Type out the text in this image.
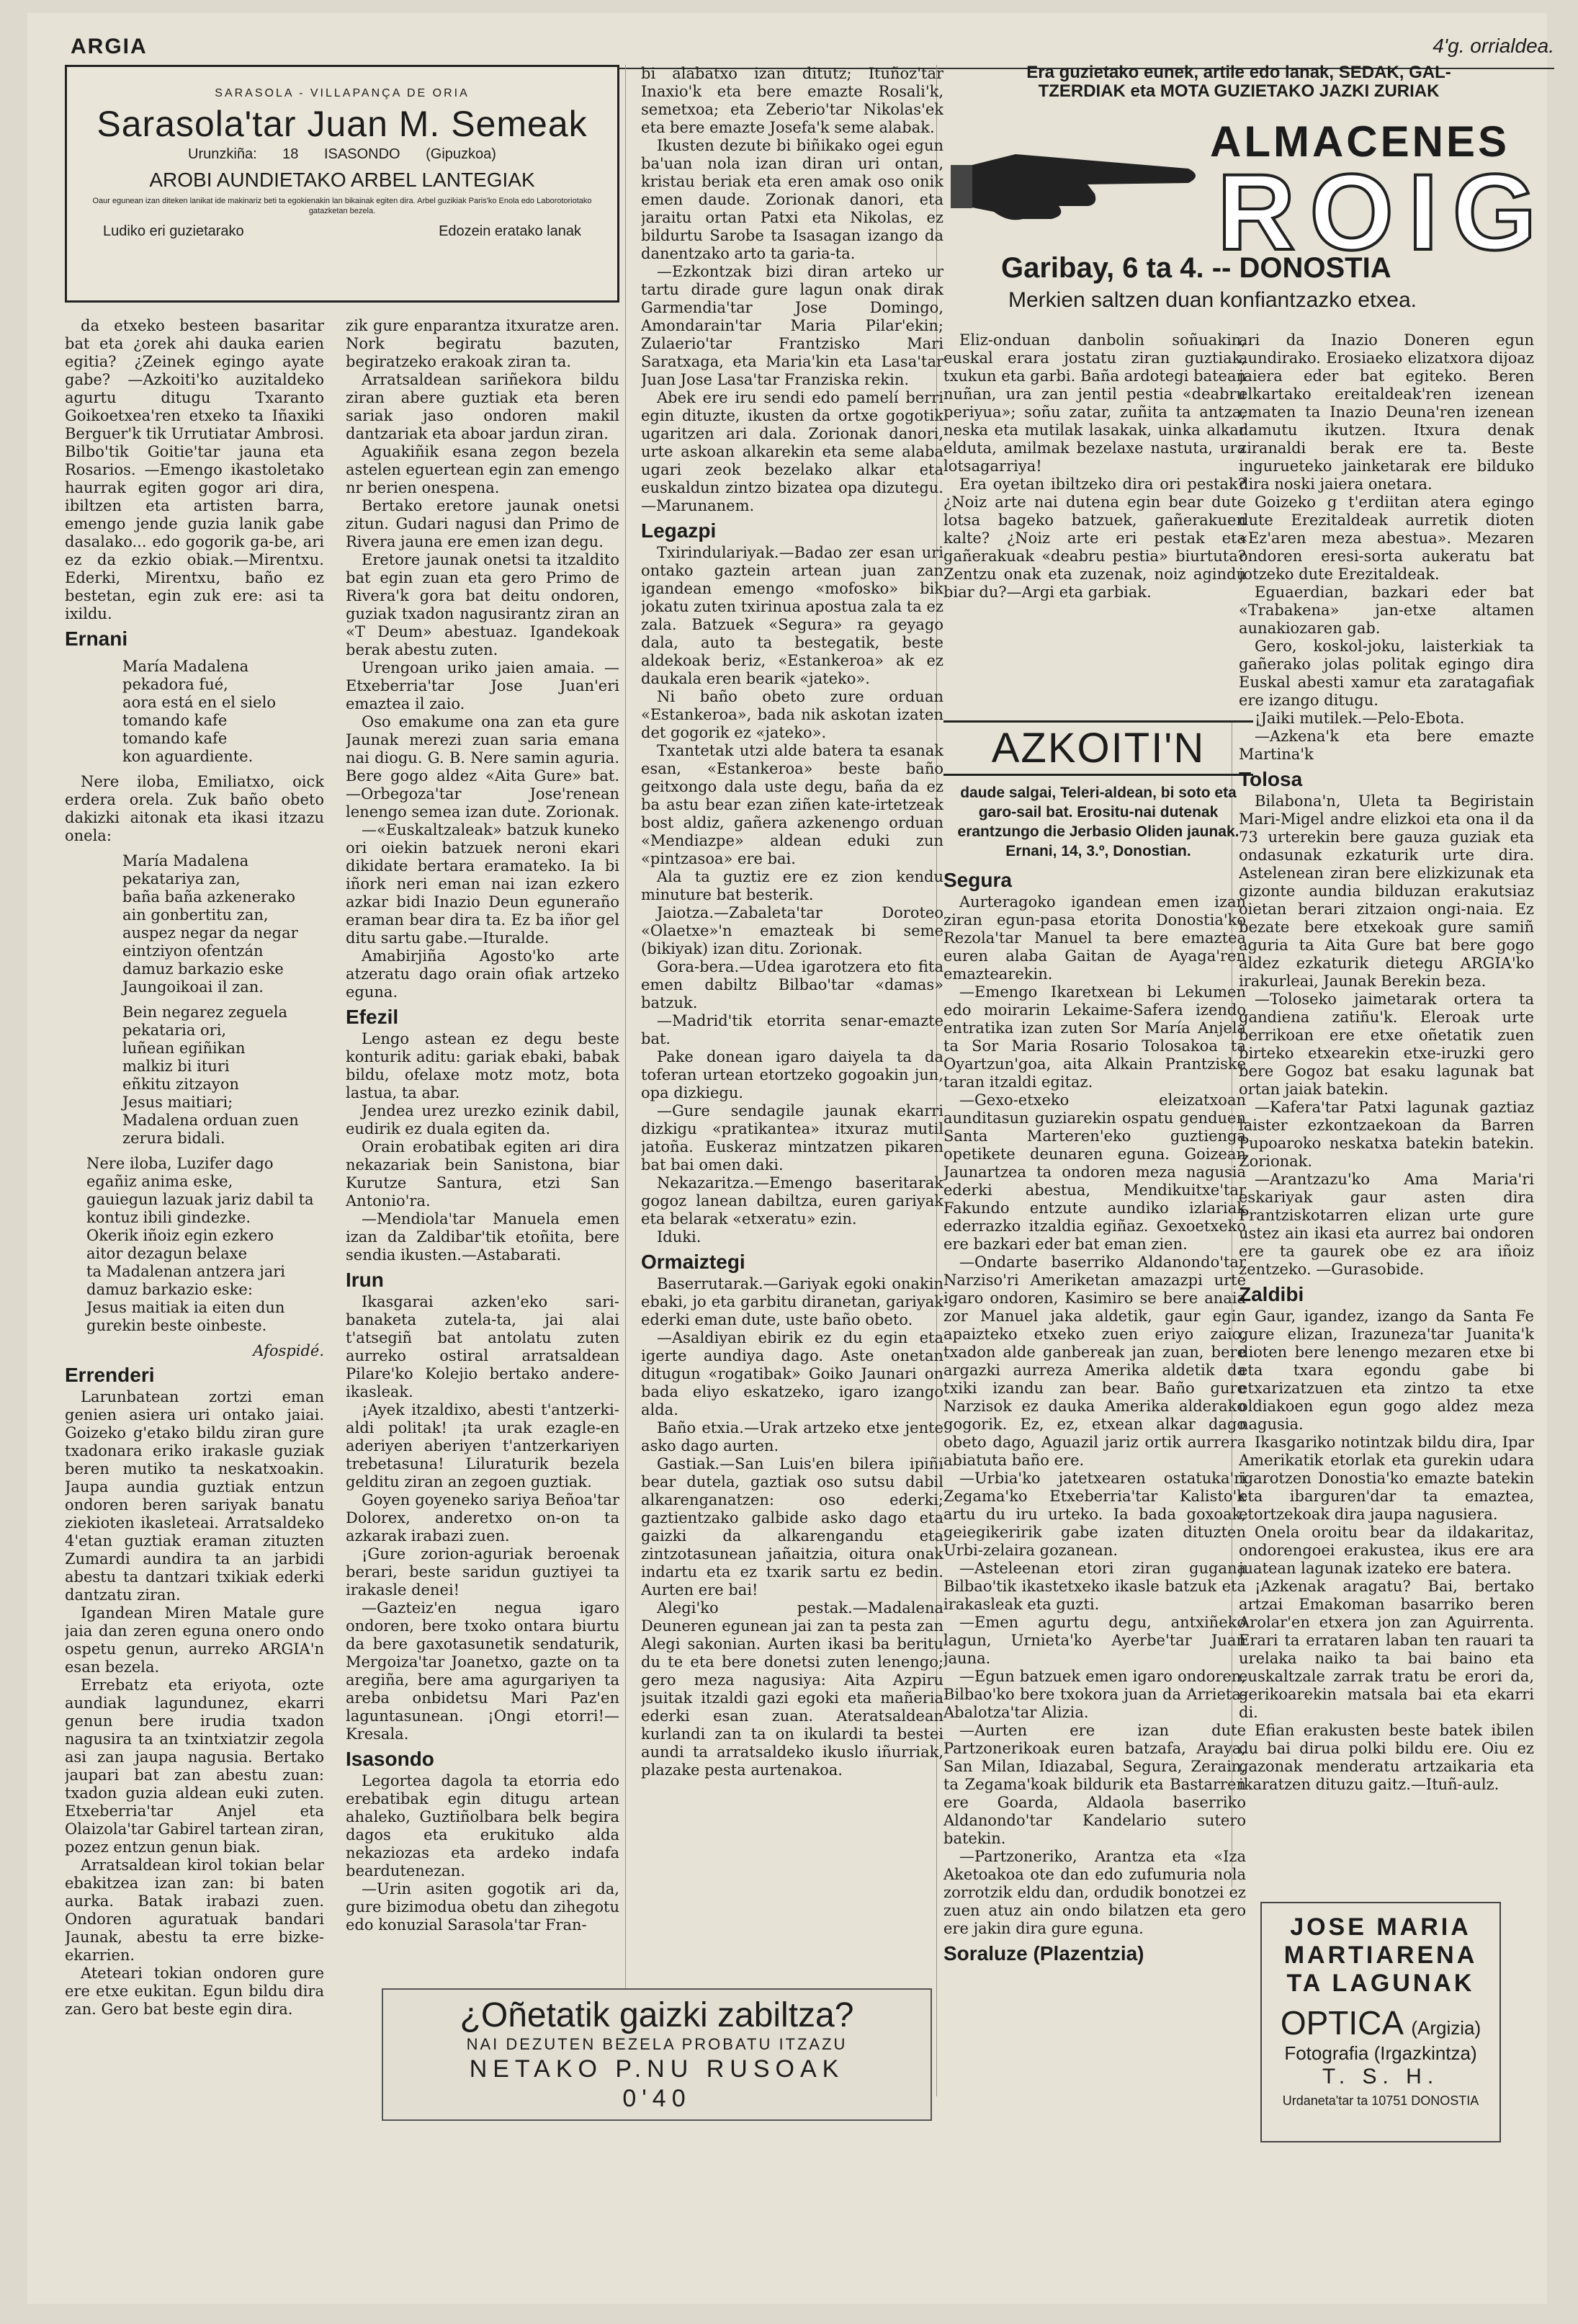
ARGIA	4'g. orrialdea.
SARASOLA - VILLAPANÇA DE ORIA
Sarasola'tar Juan M. Semeak
Urunzkiña: 18 ISASONDO (Gipuzkoa)
AROBI AUNDIETAKO ARBEL LANTEGIAK
Oaur egunean izan diteken lanikat ide makinariz beti ta egokienakin lan bikainak egiten dira. Arbel guzikiak Paris'ko Enola edo Laborotoriotako gatazketan bezela.
Ludiko eri guzietarako	Edozein eratako lanak

da etxeko besteen basaritar bat eta ¿orek ahi dauka earien egitia? ¿Zeinek egingo ayate gabe? —Azkoiti'ko auzitaldeko agurtu ditugu Txaranto Goikoetxea'ren etxeko ta Iñaxiki Berguer'k tik Urrutiatar Ambrosi. Bilbo'tik Goitie'tar jauna eta Rosarios. —Emengo ikastoletako haurrak egiten gogor ari dira, ibiltzen eta artisten barra, emengo jende guzia lanik gabe dasalako... edo gogorik ga-be, ari ez da ezkio obiak.—Mirentxu. Ederki, Mirentxu, baño ez bestetan, egin zuk ere: asi ta ixildu.

Ernani
María Madalena
pekadora fué,
aora está en el sielo
tomando kafe
tomando kafe
kon aguardiente.

Nere iloba, Emiliatxo, oick erdera orela. Zuk baño obeto dakizki aitonak eta ikasi itzazu onela:

María Madalena
pekatariya zan,
baña baña azkenerako
ain gonbertitu zan,
auspez negar da negar
eintziyon ofentzán
damuz barkazio eske
Jaungoikoai il zan.
Bein negarez zeguela
pekataria ori,
luñean egiñikan
malkiz bi ituri
eñkitu zitzayon
Jesus maitiari;
Madalena orduan zuen
zerura bidali.
Nere iloba, Luzifer dago
egañiz anima eske,
gauiegun lazuak jariz dabil ta
kontuz ibili gindezke.
Okerik iñoiz egin ezkero
aitor dezagun belaxe
ta Madalenan antzera jari
damuz barkazio eske:
Jesus maitiak ia eiten dun
gurekin beste oinbeste.
Afospidé.
Errenderi

Larunbatean zortzi eman genien asiera uri ontako jaiai. Goizeko g'etako bildu ziran gure txadonara eriko irakasle guziak beren mutiko ta neskatxoakin. Jaupa aundia guztiak entzun ondoren beren sariyak banatu ziekioten ikasleteai. Arratsaldeko 4'etan guztiak eraman zituzten Zumardi aundira ta an jarbidi abestu ta dantzari txikiak ederki dantzatu ziran.

Igandean Miren Matale gure jaia dan zeren eguna onero ondo ospetu genun, aurreko ARGIA'n esan bezela.

Errebatz eta eriyota, ozte aundiak lagundunez, ekarri genun bere irudia txadon nagusira ta an txintxiatzir zegola asi zan jaupa nagusia. Bertako jaupari bat zan abestu zuan: txadon guzia aldean euki zuten. Etxeberria'tar Anjel eta Olaizola'tar Gabirel tartean ziran, pozez entzun genun biak.

Arratsaldean kirol tokian belar ebakitzea izan zan: bi baten aurka. Batak irabazi zuen. Ondoren aguratuak bandari Jaunak, abestu ta erre bizke-ekarrien.

Ateteari tokian ondoren gure ere etxe eukitan. Egun bildu dira zan. Gero bat beste egin dira.

zik gure enparantza itxuratze aren. Nork begiratu bazuten, begiratzeko erakoak ziran ta.

Arratsaldean sariñekora bildu ziran abere guztiak eta beren sariak jaso ondoren makil dantzariak eta aboar jardun ziran.

Aguakiñik esana zegon bezela astelen eguertean egin zan emengo nr berien onespena.

Bertako eretore jaunak onetsi zitun. Gudari nagusi dan Primo de Rivera jauna ere emen izan degu.

Eretore jaunak onetsi ta itzaldito bat egin zuan eta gero Primo de Rivera'k gora bat deitu ondoren, guziak txadon nagusirantz ziran an «T Deum» abestuaz. Igandekoak berak abestu zuten.

Urengoan uriko jaien amaia. —Etxeberria'tar Jose Juan'eri emaztea il zaio.

Oso emakume ona zan eta gure Jaunak merezi zuan saria emana nai diogu. G. B. Nere samin aguria. Bere gogo aldez «Aita Gure» bat. —Orbegoza'tar Jose'renean lenengo semea izan dute. Zorionak.

—«Euskaltzaleak» batzuk kuneko ori oiekin batzuek neroni ekari dikidate bertara eramateko. Ia bi iñork neri eman nai izan ezkero azkar bidi Inazio Deun eguneraño eraman bear dira ta. Ez ba iñor gel ditu sartu gabe.—Ituralde.

Amabirjiña Agosto'ko arte atzeratu dago orain ofiak artzeko eguna.

Efezil

Lengo astean ez degu beste konturik aditu: gariak ebaki, babak bildu, ofelaxe motz motz, bota lastua, ta abar.

Jendea urez urezko ezinik dabil, eudirik ez duala egiten da.

Orain erobatibak egiten ari dira nekazariak bein Sanistona, biar Kurutze Santura, etzi San Antonio'ra.

—Mendiola'tar Manuela emen izan da Zaldibar'tik etoñita, bere sendia ikusten.—Astabarati.

Irun

Ikasgarai azken'eko sari-banaketa zutela-ta, jai alai t'atsegiñ bat antolatu zuten aurreko ostiral arratsaldean Pilare'ko Kolejio bertako andere-ikasleak.

¡Ayek itzaldixo, abesti t'antzerki-aldi politak! ¡ta urak ezagle-en aderiyen aberiyen t'antzerkariyen trebetasuna! Liluraturik bezela gelditu ziran an zegoen guztiak.

Goyen goyeneko sariya Beñoa'tar Dolorex, anderetxo on-on ta azkarak irabazi zuen.

¡Gure zorion-aguriak beroenak berari, beste saridun guztiyei ta irakasle denei!

—Gazteiz'en negua igaro ondoren, bere txoko ontara biurtu da bere gaxotasunetik sendaturik, Mergoiza'tar Joanetxo, gazte on ta aregiña, bere ama agurgariyen ta areba onbidetsu Mari Paz'en laguntasunean. ¡Ongi etorri!—Kresala.

Isasondo

Legortea dagola ta etorria edo erebatibak egin ditugu artean ahaleko, Guztiñolbara belk begira dagos eta erukituko alda nekaziozas eta ardeko indafa beardutenezan.

—Urin asiten gogotik ari da, gure bizimodua obetu dan zihegotu edo konuzial Sarasola'tar Fran-

bi alabatxo izan ditutz; Ituñoz'tar Inaxio'k eta bere emazte Rosali'k, semetxoa; eta Zeberio'tar Nikolas'ek eta bere emazte Josefa'k seme alabak.

Ikusten dezute bi biñikako ogei egun ba'uan nola izan diran uri ontan, kristau beriak eta eren amak oso onik emen daude. Zorionak danori, eta jaraitu ortan Patxi eta Nikolas, ez bildurtu Sarobe ta Isasagan izango da danentzako arto ta garia-ta.

—Ezkontzak bizi diran arteko ur tartu dirade gure lagun onak dirak Garmendia'tar Jose Domingo, Amondarain'tar Maria Pilar'ekin; Zulaerio'tar Frantzisko Mari Saratxaga, eta Maria'kin eta Lasa'tar Juan Jose Lasa'tar Franziska rekin.

Abek ere iru sendi edo pamelí berri egin dituzte, ikusten da ortxe gogotik ugaritzen ari dala. Zorionak danori, urte askoan alkarekin eta seme alaba ugari zeok bezelako alkar eta euskaldun zintzo bizatea opa dizutegu.—Marunanem.

Legazpi

Txirindulariyak.—Badao zer esan uri ontako gaztein artean juan zan igandean emengo «mofosko» bik jokatu zuten txirinua apostua zala ta ez zala. Batzuek «Segura» ra geyago dala, auto ta bestegatik, beste aldekoak beriz, «Estankeroa» ak ez daukala eren bearik «jateko».

Ni baño obeto zure orduan «Estankeroa», bada nik askotan izaten det gogorik ez «jateko».

Txantetak utzi alde batera ta esanak esan, «Estankeroa» beste baño geitxongo dala uste degu, baña da ez ba astu bear ezan ziñen kate-irtetzeak bost aldiz, gañera azkenengo orduan «Mendiazpe» aldean eduki zun «pintzasoa» ere bai.

Ala ta guztiz ere ez zion kendu minuture bat besterik.

Jaiotza.—Zabaleta'tar Doroteo «Olaetxe»'n emazteak bi seme (bikiyak) izan ditu. Zorionak.

Gora-bera.—Udea igarotzera eto fita emen dabiltz Bilbao'tar «damas» batzuk.

—Madrid'tik etorrita senar-emazte bat.

Pake donean igaro daiyela ta da toferan urtean etortzeko gogoakin jun, opa dizkiegu.

—Gure sendagile jaunak ekarri dizkigu «pratikantea» itxuraz mutil jatoña. Euskeraz mintzatzen pikaren bat bai omen daki.

Nekazaritza.—Emengo baseritarak gogoz lanean dabiltza, euren gariyak eta belarak «etxeratu» ezin.

Iduki.

Ormaiztegi

Baserrutarak.—Gariyak egoki onakin ebaki, jo eta garbitu diranetan, gariyak ederki eman dute, uste baño obeto.

—Asaldiyan ebirik ez du egin eta igerte aundiya dago. Aste onetan ditugun «rogatibak» Goiko Jaunari on bada eliyo eskatzeko, igaro izango alda.

Baño etxia.—Urak artzeko etxe jente asko dago aurten.

Gastiak.—San Luis'en bilera ipiñi bear dutela, gaztiak oso sutsu dabil alkarenganatzen: oso ederki; gaztientzako galbide asko dago eta gaizki da alkarengandu eta zintzotasunean jañaitzia, oitura onak indartu eta ez txarik sartu ez bedin. Aurten ere bai!

Alegi'ko pestak.—Madalena Deuneren egunean jai zan ta pesta zan Alegi sakonian. Aurten ikasi ba beritu du te eta bere donetsi zuten lenengo; gero meza nagusiya: Aita Azpiru jsuitak itzaldi gazi egoki eta mañeria ederki esan zuan. Ateratsaldean kurlandi zan ta on ikulardi ta bestei aundi ta arratsaldeko ikuslo iñurriak, plazake pesta aurtenakoa.

Era guzietako eunek, artile edo lanak, SEDAK, GAL-
TZERDIAK eta MOTA GUZIETAKO JAZKI ZURIAK
ALMACENES
ROIG
Garibay, 6 ta 4. -- DONOSTIA
Merkien saltzen duan konfiantzazko etxea.

Eliz-onduan danbolin soñuakin, euskal erara jostatu ziran guztiak, txukun eta garbi. Baña ardotegi batean nuñan, ura zan jentil pestia «deabru periyua»; soñu zatar, zuñita ta antza, neska eta mutilak lasakak, uinka alkar elduta, amilmak bezelaxe nastuta, ura lotsagarriya!

Era oyetan ibiltzeko dira ori pestak? ¿Noiz arte nai dutena egin bear dute lotsa bageko batzuek, gañerakuen kalte? ¿Noiz arte eri pestak eta gañerakuak «deabru pestia» biurtuta? Zentzu onak eta zuzenak, noiz agindu biar du?—Argi eta garbiak.

AZKOITI'N
daude salgai, Teleri-aldean, bi soto eta garo-sail bat. Erositu-nai dutenak erantzungo die Jerbasio Oliden jaunak. Ernani, 14, 3.º, Donostian.
Segura

Aurteragoko igandean emen izan ziran egun-pasa etorita Donostia'ko Rezola'tar Manuel ta bere emaztea euren alaba Gaitan de Ayaga'ren emaztearekin.

—Emengo Ikaretxean bi Lekumen edo moirarin Lekaime-Safera izendo entratika izan zuten Sor María Anjela ta Sor Maria Rosario Tolosakoa ta Oyartzun'goa, aita Alkain Prantziske taran itzaldi egitaz.

—Gexo-etxeko eleizatxoan aunditasun guziarekin ospatu genduen Santa Marteren'eko guztienga opetikete deunaren eguna. Goizean Jaunartzea ta ondoren meza nagusia ederki abestua, Mendikuitxe'tar Fakundo entzute aundiko izlariak ederrazko itzaldia egiñaz. Gexoetxeko ere bazkari eder bat eman zien.

—Ondarte baserriko Aldanondo'tar Narziso'ri Ameriketan amazazpi urte igaro ondoren, Kasimiro se bere anaia zor Manuel jaka aldetik, gaur egin apaizteko etxeko zuen eriyo zaio, txadon alde ganbereak jan zuan, bere argazki aurreza Amerika aldetik da txiki izandu zan bear. Baño gure Narzisok ez dauka Amerika alderako gogorik. Ez, ez, etxean alkar dago obeto dago, Aguazil jariz ortik aurrera abiatuta baño ere.

—Urbia'ko jatetxearen ostatuka'ri Zegama'ko Etxeberria'tar Kalisto'k artu du iru urteko. Ia bada goxoak, geiegikeririk gabe izaten dituzten Urbi-zelaira gozanean.

—Asteleenan etori ziran gugana Bilbao'tik ikastetxeko ikasle batzuk eta irakasleak eta guzti.

—Emen agurtu degu, antxiñeko lagun, Urnieta'ko Ayerbe'tar Juan jauna.

—Egun batzuek emen igaro ondoren, Bilbao'ko bere txokora juan da Arrieta-Abalotza'tar Alizia.

—Aurten ere izan dute Partzonerikoak euren batzafa, Araya, San Milan, Idiazabal, Segura, Zerain, ta Zegama'koak bildurik eta Bastarren ere Goarda, Aldaola baserriko Aldanondo'tar Kandelario sutero batekin.

—Partzoneriko, Arantza eta «Iza Aketoakoa ote dan edo zufumuria nola zorrotzik eldu dan, ordudik bonotzei ez zuen atuz ain ondo bilatzen eta gero ere jakin dira gure eguna.

Soraluze (Plazentzia)

ari da Inazio Doneren egun aundirako. Erosiaeko elizatxora dijoaz jaiera eder bat egiteko. Beren elkartako ereitaldeak'ren izenean ematen ta Inazio Deuna'ren izenean damutu ikutzen. Itxura denak ziranaldi berak ere ta. Beste ingurueteko jainketarak ere bilduko dira noski jaiera onetara.

Goizeko g t'erdiitan atera egingo dute Erezitaldeak aurretik dioten «Ez'aren meza abestua». Mezaren ondoren eresi-sorta aukeratu bat jotzeko dute Erezitaldeak.

Eguaerdian, bazkari eder bat «Trabakena» jan-etxe altamen aunakiozaren gab.

Gero, koskol-joku, laisterkiak ta gañerako jolas politak egingo dira Euskal abesti xamur eta zaratagafiak ere izango ditugu.

¡Jaiki mutilek.—Pelo-Ebota.

—Azkena'k eta bere emazte Martina'k

Tolosa

Bilabona'n, Uleta ta Begiristain Mari-Migel andre elizkoi eta ona il da 73 urterekin bere gauza guziak eta ondasunak ezkaturik urte dira. Astelenean ziran bere elizkizunak eta gizonte aundia bilduzan erakutsiaz oietan berari zitzaion ongi-naia. Ez bezate bere etxekoak gure samiñ aguria ta Aita Gure bat bere gogo aldez ezkaturik dietegu ARGIA'ko irakurleai, Jaunak Berekin beza.

—Toloseko jaimetarak ortera ta gandiena zatiñu'k. Eleroak urte berrikoan ere etxe oñetatik zuen birteko etxearekin etxe-iruzki gero bere Gogoz bat esaku lagunak bat ortan jaiak batekin.

—Kafera'tar Patxi lagunak gaztiaz laister ezkontzaekoan da Barren Pupoaroko neskatxa batekin batekin. Zorionak.

—Arantzazu'ko Ama Maria'ri eskariyak gaur asten dira Prantziskotarren elizan urte gure ustez ain ikasi eta aurrez bai ondoren ere ta gaurek obe ez ara iñoiz zentzeko. —Gurasobide.

Zaldibi

Gaur, igandez, izango da Santa Fe gure elizan, Irazuneza'tar Juanita'k dioten bere lenengo mezaren etxe bi eta txara egondu gabe bi etxarizatzuen eta zintzo ta etxe oldiakoen egun gogo aldez meza nagusia.

Ikasgariko notintzak bildu dira, Ipar Amerikatik etorlak eta gurekin udara igarotzen Donostia'ko emazte batekin eta ibarguren'dar ta emaztea, etortzekoak dira jaupa nagusiera.

Onela oroitu bear da ildakaritaz, ondorengoei erakustea, ikus ere ara juatean lagunak izateko ere batera.

¡Azkenak aragatu? Bai, bertako artzai Emakoman basarriko beren Arolar'en etxera jon zan Aguirrenta. Erari ta errataren laban ten rauari ta urelaka naiko ta bai baino eta euskaltzale zarrak tratu be erori da, gerikoarekin matsala bai eta ekarri di.

Efian erakusten beste batek ibilen du bai dirua polki bildu ere. Oiu ez gazonak menderatu artzaikaria eta ikaratzen dituzu gaitz.—Ituñ-aulz.

¿Oñetatik gaizki zabiltza?
NAI DEZUTEN BEZELA PROBATU ITZAZU
NETAKO P.NU RUSOAK
0'40
JOSE MARIA MARTIARENA
TA LAGUNAK
OPTICA (Argizia)
Fotografia (Irgazkintza)
T. S. H.
Urdaneta'tar ta 10751 DONOSTIA
